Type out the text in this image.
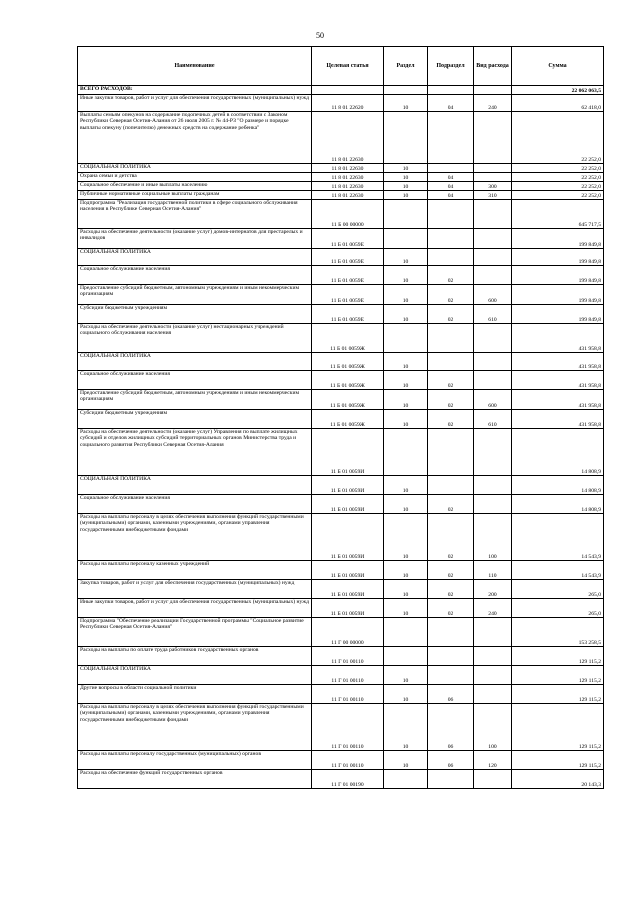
50
Наименование	Целевая статья	Раздел	Подраздел	Вид расхода	Сумма
ВСЕГО РАСХОДОВ:					22 062 063,5
Иные закупки товаров, работ и услуг для обеспечения государственных (муниципальных) нужд	11 8 01 22620	10	04	240	62 418,0
Выплаты семьям опекунов на содержание подопечных детей в соответствии с Законом Республики Северная Осетия-Алания от 26 июля 2005 г. № 44-РЗ "О размере и порядке выплаты опекуну (попечителю) денежных средств на содержание ребенка"	11 8 01 22630				22 252,0
СОЦИАЛЬНАЯ ПОЛИТИКА	11 8 01 22630	10			22 252,0
Охрана семьи и детства	11 8 01 22630	10	04		22 252,0
Социальное обеспечение и иные выплаты населению	11 8 01 22630	10	04	300	22 252,0
Публичные нормативные социальные выплаты гражданам	11 8 01 22630	10	04	310	22 252,0
Подпрограмма "Реализация государственной политики в сфере социального обслуживания населения в Республике Северная Осетия-Алания"	11 Б 00 00000				645 717,5
Расходы на обеспечение деятельности (оказание услуг) домов-интернатов для престарелых и инвалидов	11 Б 01 0059Е				199 849,8
СОЦИАЛЬНАЯ ПОЛИТИКА	11 Б 01 0059Е	10			199 849,8
Социальное обслуживание населения	11 Б 01 0059Е	10	02		199 849,8
Предоставление субсидий бюджетным, автономным учреждениям и иным некоммерческим организациям	11 Б 01 0059Е	10	02	600	199 849,8
Субсидии бюджетным учреждениям	11 Б 01 0059Е	10	02	610	199 849,8
Расходы на обеспечение деятельности (оказание услуг) нестационарных учреждений социального обслуживания населения	11 Б 01 0059Ж				431 958,8
СОЦИАЛЬНАЯ ПОЛИТИКА	11 Б 01 0059Ж	10			431 958,8
Социальное обслуживание населения	11 Б 01 0059Ж	10	02		431 958,8
Предоставление субсидий бюджетным, автономным учреждениям и иным некоммерческим организациям	11 Б 01 0059Ж	10	02	600	431 958,8
Субсидии бюджетным учреждениям	11 Б 01 0059Ж	10	02	610	431 958,8
Расходы на обеспечение деятельности (оказание услуг) Управления по выплате жилищных субсидий и отделов жилищных субсидий территориальных органов Министерства труда и социального развития Республики Северная Осетия-Алания	11 Б 01 0059И				14 808,9
СОЦИАЛЬНАЯ ПОЛИТИКА	11 Б 01 0059И	10			14 808,9
Социальное обслуживание населения	11 Б 01 0059И	10	02		14 808,9
Расходы на выплаты персоналу в целях обеспечения выполнения функций государственными (муниципальными) органами, казенными учреждениями, органами управления государственными внебюджетными фондами	11 Б 01 0059И	10	02	100	14 543,9
Расходы на выплаты персоналу казенных учреждений	11 Б 01 0059И	10	02	110	14 543,9
Закупка товаров, работ и услуг для обеспечения государственных (муниципальных) нужд	11 Б 01 0059И	10	02	200	265,0
Иные закупки товаров, работ и услуг для обеспечения государственных (муниципальных) нужд	11 Б 01 0059И	10	02	240	265,0
Подпрограмма "Обеспечение реализации Государственной программы "Социальное развитие Республики Северная Осетия-Алания"	11 Г 00 00000				153 258,5
Расходы на выплаты по оплате труда работников государственных органов	11 Г 01 00110				129 115,2
СОЦИАЛЬНАЯ ПОЛИТИКА	11 Г 01 00110	10			129 115,2
Другие вопросы в области социальной политики	11 Г 01 00110	10	06		129 115,2
Расходы на выплаты персоналу в целях обеспечения выполнения функций государственными (муниципальными) органами, казенными учреждениями, органами управления государственными внебюджетными фондами	11 Г 01 00110	10	06	100	129 115,2
Расходы на выплаты персоналу государственных (муниципальных) органов	11 Г 01 00110	10	06	120	129 115,2
Расходы на обеспечение функций государственных органов	11 Г 01 00190				20 143,3
